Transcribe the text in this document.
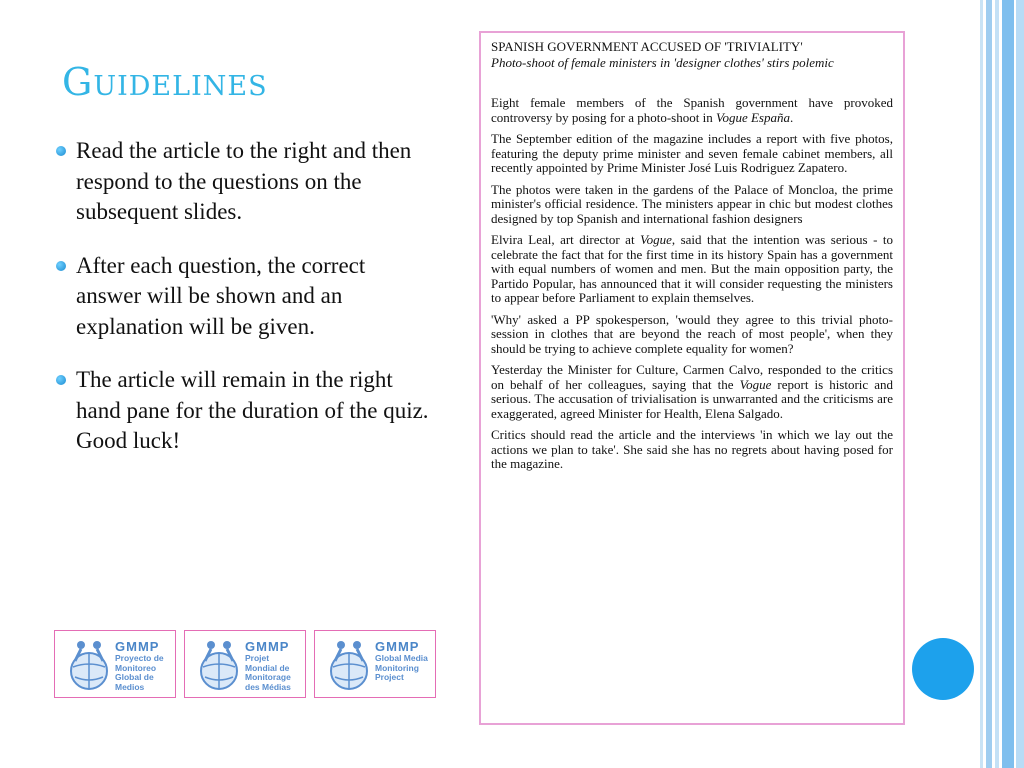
Guidelines
Read the article to the right and then respond to the questions on the subsequent slides.
After each question, the correct answer will be shown and an explanation will be given.
The article will remain in the right hand pane for the duration of the quiz. Good luck!
GMMP
Proyecto de Monitoreo Global de Medios
GMMP
Projet Mondial de Monitorage des Médias
GMMP
Global Media Monitoring Project

SPANISH GOVERNMENT ACCUSED OF 'TRIVIALITY'

Photo-shoot of female ministers in 'designer clothes' stirs polemic

Eight female members of the Spanish government have provoked controversy by posing for a photo-shoot in Vogue España.

The September edition of the magazine includes a report with five photos, featuring the deputy prime minister and seven female cabinet members, all recently appointed by Prime Minister José Luis Rodriguez Zapatero.

The photos were taken in the gardens of the Palace of Moncloa, the prime minister's official residence. The ministers appear in chic but modest clothes designed by top Spanish and international fashion designers

Elvira Leal, art director at Vogue, said that the intention was serious - to celebrate the fact that for the first time in its history Spain has a government with equal numbers of women and men. But the main opposition party, the Partido Popular, has announced that it will consider requesting the ministers to appear before Parliament to explain themselves.

'Why' asked a PP spokesperson, 'would they agree to this trivial photo-session in clothes that are beyond the reach of most people', when they should be trying to achieve complete equality for women?

Yesterday the Minister for Culture, Carmen Calvo, responded to the critics on behalf of her colleagues, saying that the Vogue report is historic and serious. The accusation of trivialisation is unwarranted and the criticisms are exaggerated, agreed Minister for Health, Elena Salgado.

Critics should read the article and the interviews 'in which we lay out the actions we plan to take'. She said she has no regrets about having posed for the magazine.
